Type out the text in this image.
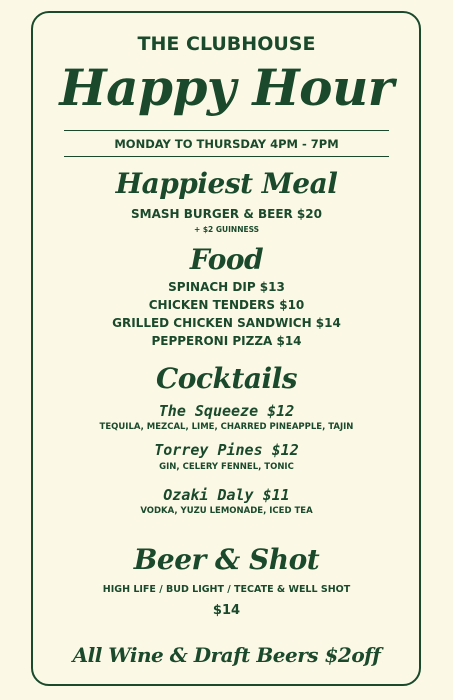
THE CLUBHOUSE
Happy Hour
MONDAY TO THURSDAY 4PM - 7PM
Happiest Meal
SMASH BURGER & BEER $20
+ $2 GUINNESS
Food
SPINACH DIP $13
CHICKEN TENDERS $10
GRILLED CHICKEN SANDWICH $14
PEPPERONI PIZZA $14
Cocktails
The Squeeze $12
TEQUILA, MEZCAL, LIME, CHARRED PINEAPPLE, TAJIN
Torrey Pines $12
GIN, CELERY FENNEL, TONIC
Ozaki Daly $11
VODKA, YUZU LEMONADE, ICED TEA
Beer & Shot
HIGH LIFE / BUD LIGHT / TECATE & WELL SHOT
$14
All Wine & Draft Beers $2off
